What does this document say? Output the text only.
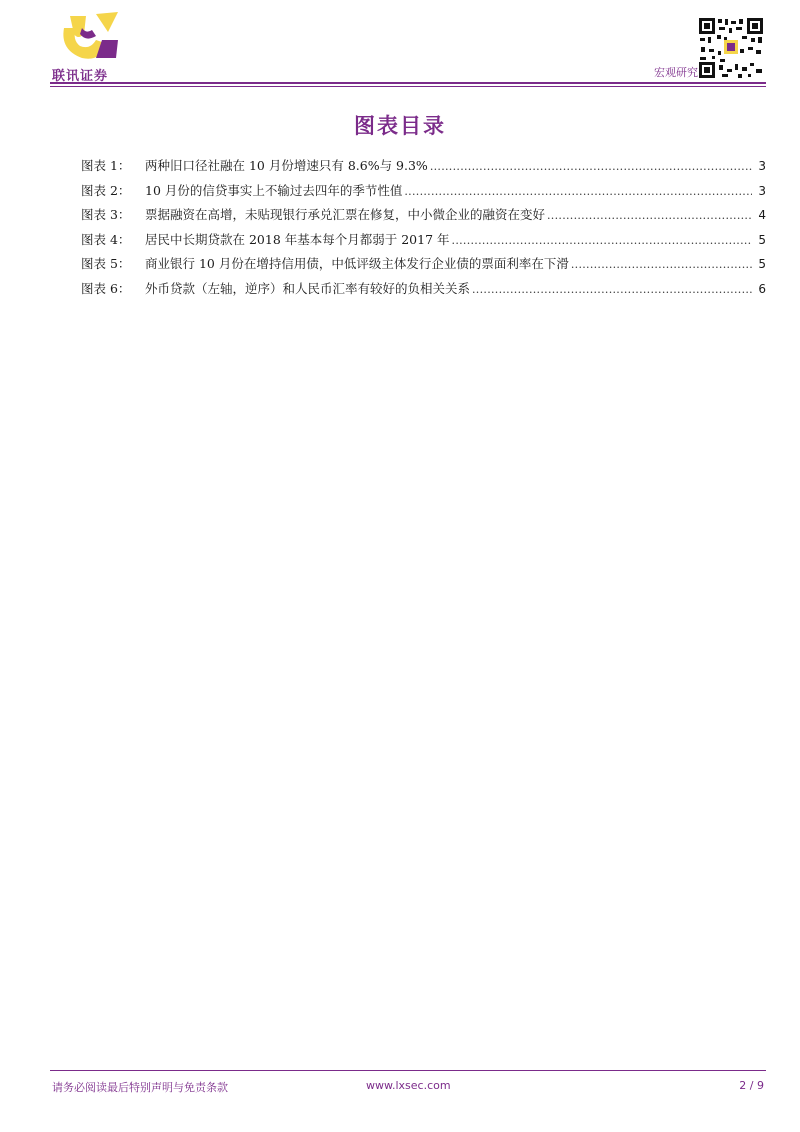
联讯证券	宏观研究
图表目录
图表 1：	两种旧口径社融在 10 月份增速只有 8.6%与 9.3% .....	3
图表 2：	10 月份的信贷事实上不输过去四年的季节性值 .....	3
图表 3：	票据融资在高增，未贴现银行承兑汇票在修复，中小微企业的融资在变好 .....	4
图表 4：	居民中长期贷款在 2018 年基本每个月都弱于 2017 年 .....	5
图表 5：	商业银行 10 月份在增持信用债，中低评级主体发行企业债的票面利率在下滑 .....	5
图表 6：	外币贷款（左轴，逆序）和人民币汇率有较好的负相关关系 .....	6
请务必阅读最后特别声明与免责条款	www.lxsec.com	2 / 9
